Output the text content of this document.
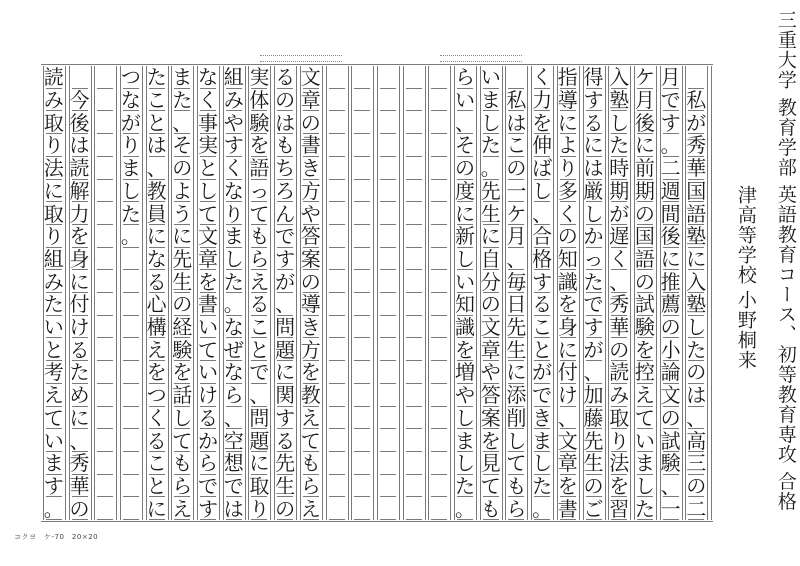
私
が
秀
華
国
語
塾
に
入
塾
し
た
の
は
、
高
三
の
二
月
で
す
。
二
週
間
後
に
推
薦
の
小
論
文
の
試
験
、
一
ケ
月
後
に
前
期
の
国
語
の
試
験
を
控
え
て
い
ま
し
た
入
塾
し
た
時
期
が
遅
く
、
秀
華
の
読
み
取
り
法
を
習
得
す
る
に
は
厳
し
か
っ
た
で
す
が
、
加
藤
先
生
の
ご
指
導
に
よ
り
多
く
の
知
識
を
身
に
付
け
、
文
章
を
書
く
力
を
伸
ば
し
、
合
格
す
る
こ
と
が
で
き
ま
し
た
。
私
は
こ
の
一
ケ
月
、
毎
日
先
生
に
添
削
し
て
も
ら
い
ま
し
た
。
先
生
に
自
分
の
文
章
や
答
案
を
見
て
も
ら
い
、
そ
の
度
に
新
し
い
知
識
を
増
や
し
ま
し
た
。
文
章
の
書
き
方
や
答
案
の
導
き
方
を
教
え
て
も
ら
え
る
の
は
も
ち
ろ
ん
で
す
が
、
問
題
に
関
す
る
先
生
の
実
体
験
を
語
っ
て
も
ら
え
る
こ
と
で
、
問
題
に
取
り
組
み
や
す
く
な
り
ま
し
た
。
な
ぜ
な
ら
、
空
想
で
は
な
く
事
実
と
し
て
文
章
を
書
い
て
い
け
る
か
ら
で
す
ま
た
、
そ
の
よ
う
に
先
生
の
経
験
を
話
し
て
も
ら
え
た
こ
と
は
、
教
員
に
な
る
心
構
え
を
つ
く
る
こ
と
に
つ
な
が
り
ま
し
た
。
今
後
は
読
解
力
を
身
に
付
け
る
た
め
に
、
秀
華
の
読
み
取
り
法
に
取
り
組
み
た
い
と
考
え
て
い
ま
す
。	三重大学 教育学部 英語教育コース、初等教育専攻 合格
津高等学校
小野桐来
コクヨ　ケ-70　20×20
